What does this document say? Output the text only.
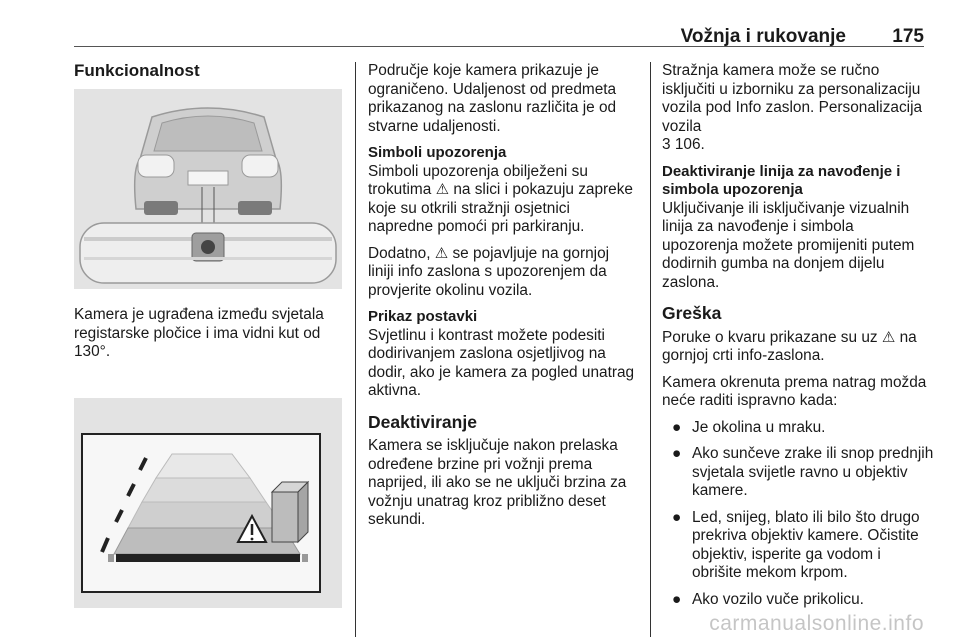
Vožnja i rukovanje 175
Funkcionalnost

Kamera je ugrađena između svjetala registarske pločice i ima vidni kut od 130°.

Područje koje kamera prikazuje je ograničeno. Udaljenost od predmeta prikazanog na zaslonu različita je od stvarne udaljenosti.

Simboli upozorenja

Simboli upozorenja obilježeni su trokutima ⚠ na slici i pokazuju zapreke koje su otkrili stražnji osjetnici napredne pomoći pri parkiranju.

Dodatno, ⚠ se pojavljuje na gornjoj liniji info zaslona s upozorenjem da provjerite okolinu vozila.

Prikaz postavki

Svjetlinu i kontrast možete podesiti dodirivanjem zaslona osjetljivog na dodir, ako je kamera za pogled unatrag aktivna.

Deaktiviranje

Kamera se isključuje nakon prelaska određene brzine pri vožnji prema naprijed, ili ako se ne uključi brzina za vožnju unatrag kroz približno deset sekundi.

Stražnja kamera može se ručno isključiti u izborniku za personalizaciju vozila pod Info zaslon. Personalizacija vozila
3 106.

Deaktiviranje linija za navođenje i simbola upozorenja

Uključivanje ili isključivanje vizualnih linija za navođenje i simbola upozorenja možete promijeniti putem dodirnih gumba na donjem dijelu zaslona.

Greška

Poruke o kvaru prikazane su uz ⚠ na gornjoj crti info-zaslona.

Kamera okrenuta prema natrag možda neće raditi ispravno kada:

● Je okolina u mraku.
● Ako sunčeve zrake ili snop prednjih svjetala svijetle ravno u objektiv kamere.
● Led, snijeg, blato ili bilo što drugo prekriva objektiv kamere. Očistite objektiv, isperite ga vodom i obrišite mekom krpom.
● Ako vozilo vuče prikolicu.
carmanualsonline.info
